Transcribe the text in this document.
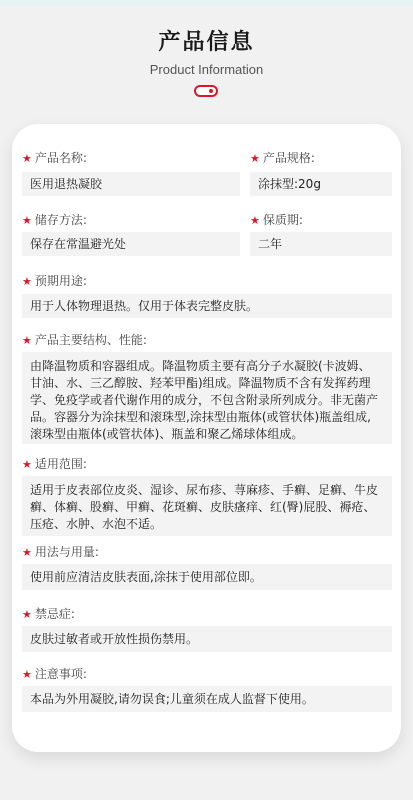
产品信息
Product Information
★ 产品名称:
医用退热凝胶
★ 产品规格:
涂抹型:20g
★ 储存方法:
保存在常温避光处
★ 保质期:
二年
★ 预期用途:
用于人体物理退热。仅用于体表完整皮肤。
★ 产品主要结构、性能:
由降温物质和容器组成。降温物质主要有高分子水凝胶(卡波姆、甘油、水、三乙醇胺、羟苯甲酯)组成。降温物质不含有发挥药理学、免疫学或者代谢作用的成分，不包含附录所列成分。非无菌产品。容器分为涂抹型和滚珠型,涂抹型由瓶体(或管状体)瓶盖组成,滚珠型由瓶体(或管状体)、瓶盖和聚乙烯球体组成。
★ 适用范围:
适用于皮表部位皮炎、湿诊、尿布疹、荨麻疹、手癣、足癣、牛皮癣、体癣、股癣、甲癣、花斑癣、皮肤瘙痒、红(臀)屁股、褥疮、压疮、水肿、水泡不适。
★ 用法与用量:
使用前应清洁皮肤表面,涂抹于使用部位即。
★ 禁忌症:
皮肤过敏者或开放性损伤禁用。
★ 注意事项:
本品为外用凝胶,请勿误食;儿童须在成人监督下使用。
